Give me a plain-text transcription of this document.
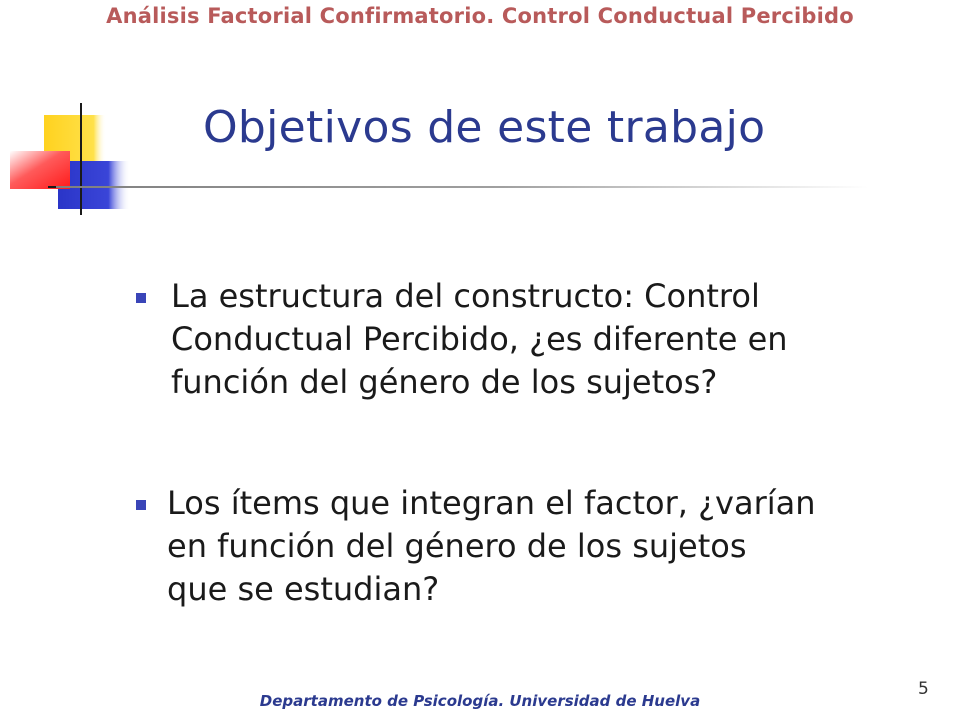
Análisis Factorial Confirmatorio. Control Conductual Percibido
Objetivos de este trabajo
La estructura del constructo: Control
Conductual Percibido, ¿es diferente en
función del género de los sujetos?
Los ítems que integran el factor, ¿varían
en función del género de los sujetos
que se estudian?
Departamento de Psicología. Universidad de Huelva
5
